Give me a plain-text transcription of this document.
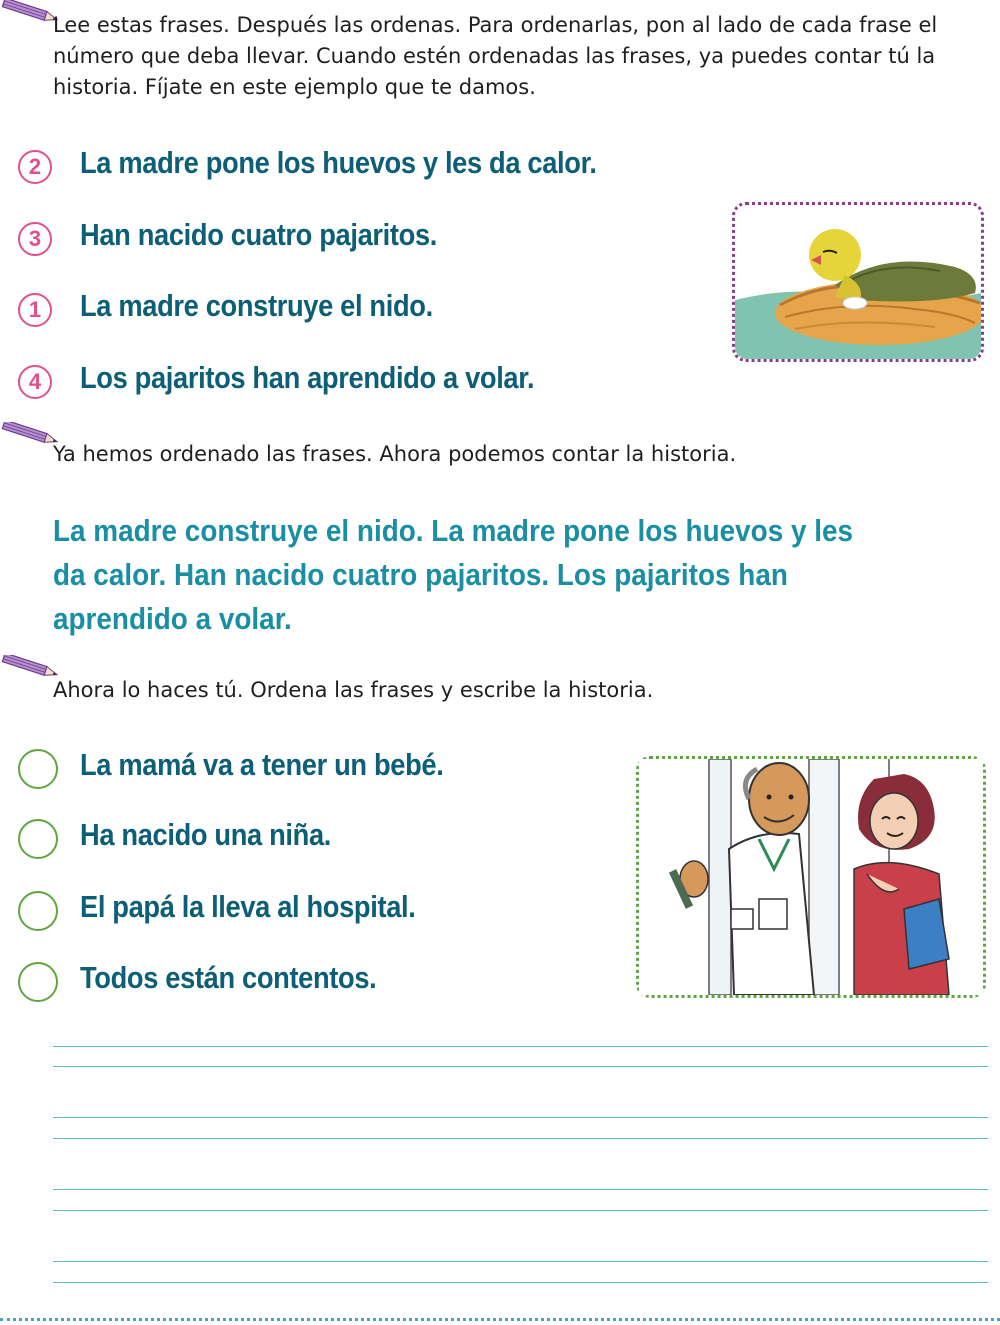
Lee estas frases. Después las ordenas. Para ordenarlas, pon al lado de cada frase el número que deba llevar. Cuando estén ordenadas las frases, ya puedes contar tú la historia. Fíjate en este ejemplo que te damos.
2	La madre pone los huevos y les da calor.
3	Han nacido cuatro pajaritos.
1	La madre construye el nido.
4	Los pajaritos han aprendido a volar.
Ya hemos ordenado las frases. Ahora podemos contar la historia.
La madre construye el nido. La madre pone los huevos y les da calor. Han nacido cuatro pajaritos. Los pajaritos han aprendido a volar.
Ahora lo haces tú. Ordena las frases y escribe la historia.
La mamá va a tener un bebé.
Ha nacido una niña.
El papá la lleva al hospital.
Todos están contentos.
